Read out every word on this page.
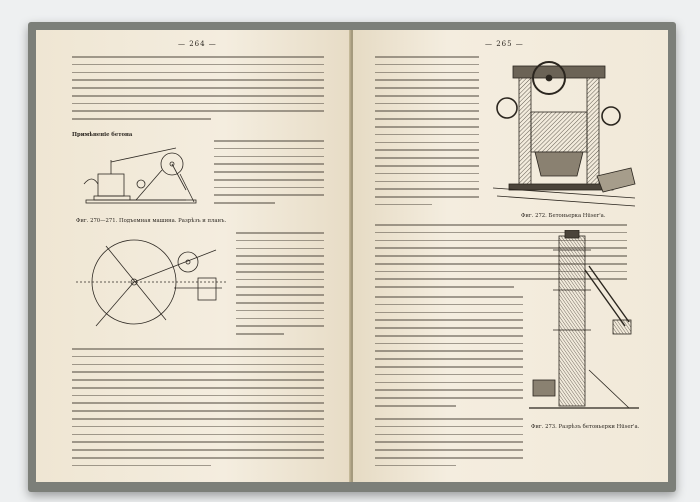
— 264 —
Примѣненіе бетона
Фиг. 270—271. Подъемная машина. Разрѣзъ и планъ.
— 265 —
Фиг. 272. Бетоньерка Hüser'а.
Фиг. 273. Разрѣзъ бетоньерки Hüser'а.
